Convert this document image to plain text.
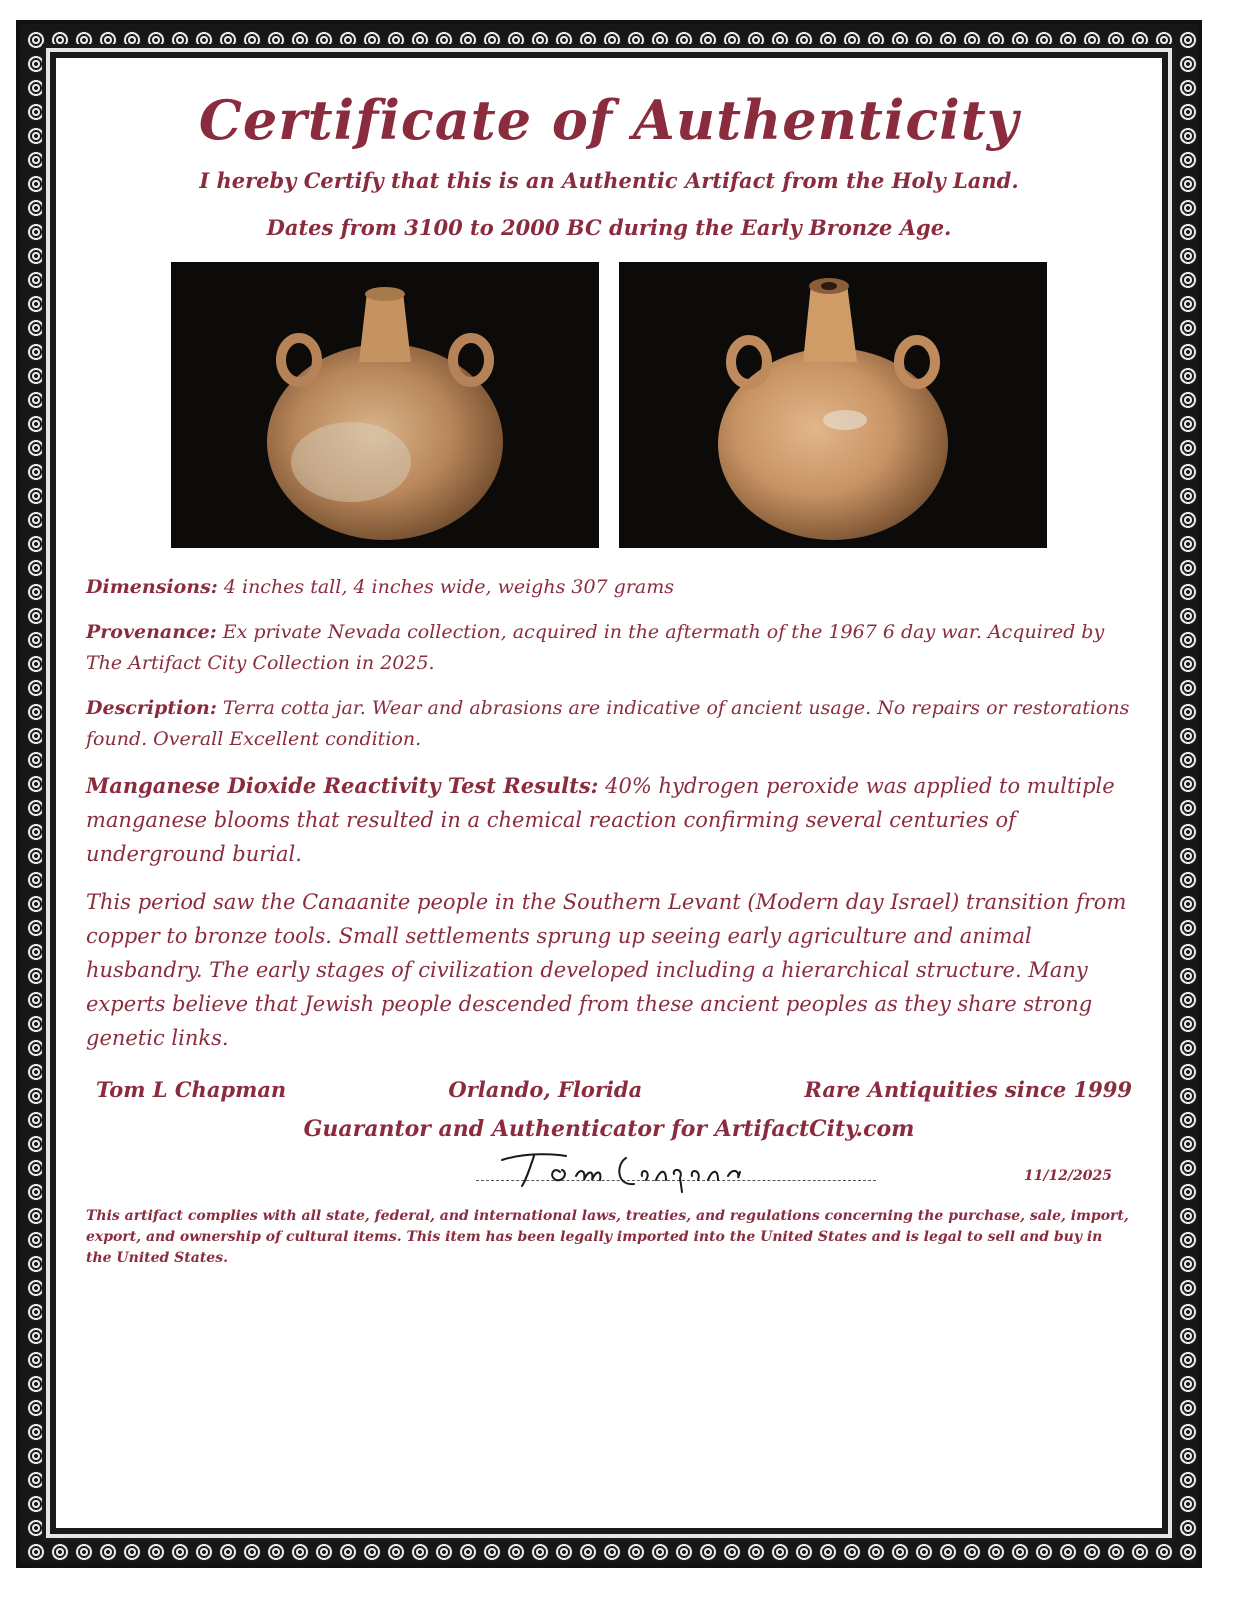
Certificate of Authenticity
I hereby Certify that this is an Authentic Artifact from the Holy Land.
Dates from 3100 to 2000 BC during the Early Bronze Age.

Dimensions: 4 inches tall, 4 inches wide, weighs 307 grams

Provenance: Ex private Nevada collection, acquired in the aftermath of the 1967 6 day war. Acquired by The Artifact City Collection in 2025.

Description: Terra cotta jar. Wear and abrasions are indicative of ancient usage. No repairs or restorations found. Overall Excellent condition.

Manganese Dioxide Reactivity Test Results: 40% hydrogen peroxide was applied to multiple manganese blooms that resulted in a chemical reaction confirming several centuries of underground burial.

This period saw the Canaanite people in the Southern Levant (Modern day Israel) transition from copper to bronze tools. Small settlements sprung up seeing early agriculture and animal husbandry. The early stages of civilization developed including a hierarchical structure. Many experts believe that Jewish people descended from these ancient peoples as they share strong genetic links.

Tom L Chapman	Orlando, Florida	Rare Antiquities since 1999
Guarantor and Authenticator for ArtifactCity.com
11/12/2025
This artifact complies with all state, federal, and international laws, treaties, and regulations concerning the purchase, sale, import, export, and ownership of cultural items. This item has been legally imported into the United States and is legal to sell and buy in the United States.
